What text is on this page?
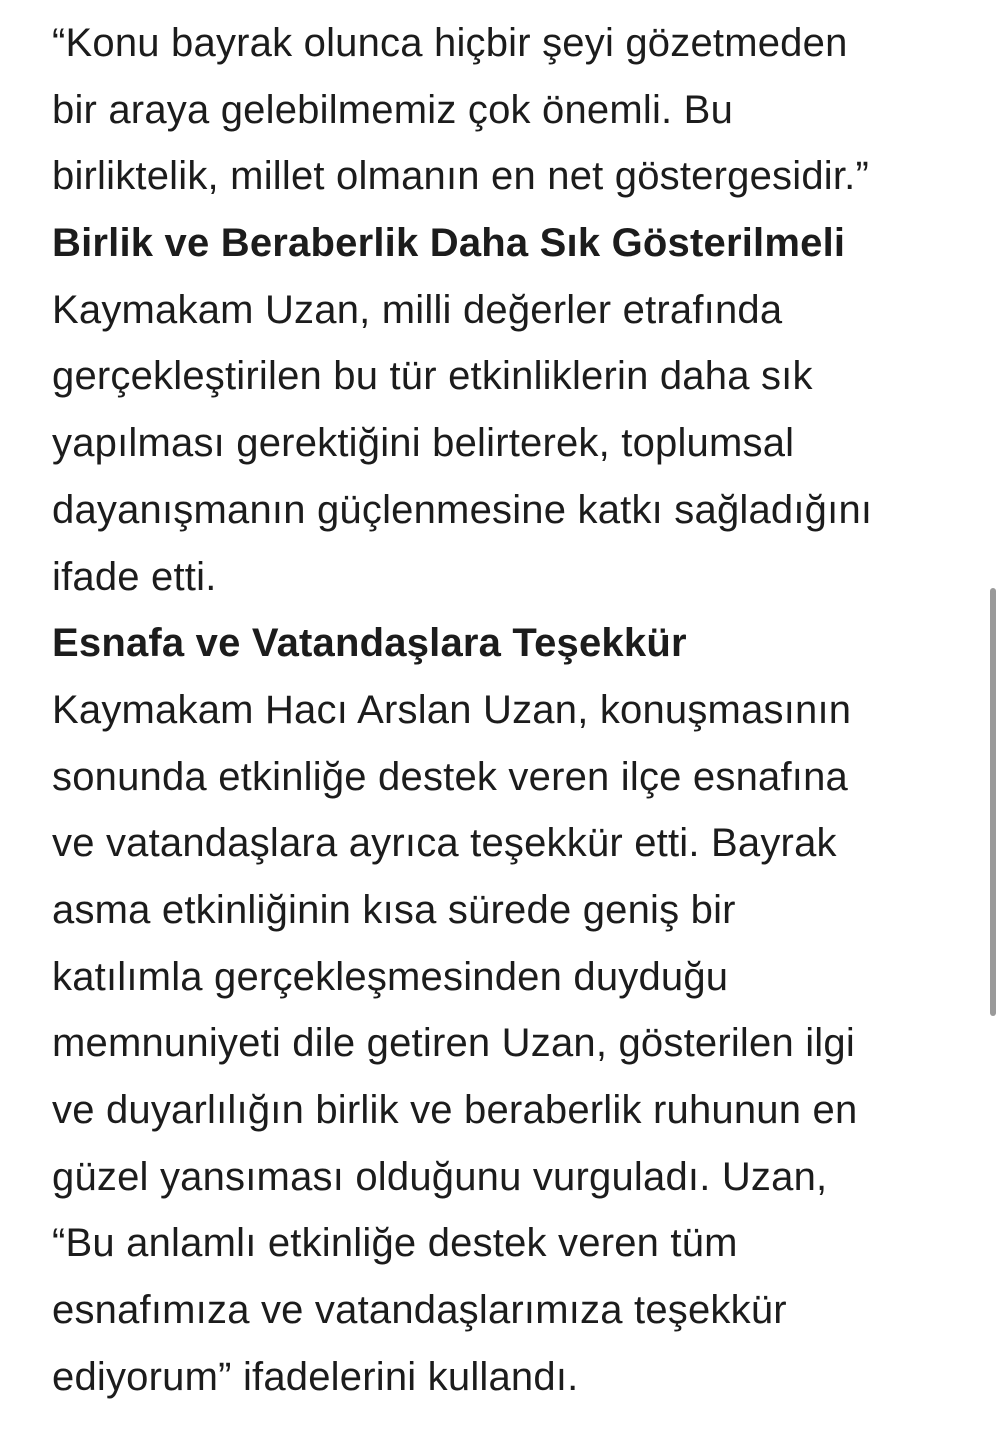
“Konu bayrak olunca hiçbir şeyi gözetmeden
bir araya gelebilmemiz çok önemli. Bu
birliktelik, millet olmanın en net göstergesidir.”
Birlik ve Beraberlik Daha Sık Gösterilmeli
Kaymakam Uzan, milli değerler etrafında
gerçekleştirilen bu tür etkinliklerin daha sık
yapılması gerektiğini belirterek, toplumsal
dayanışmanın güçlenmesine katkı sağladığını
ifade etti.
Esnafa ve Vatandaşlara Teşekkür
Kaymakam Hacı Arslan Uzan, konuşmasının
sonunda etkinliğe destek veren ilçe esnafına
ve vatandaşlara ayrıca teşekkür etti. Bayrak
asma etkinliğinin kısa sürede geniş bir
katılımla gerçekleşmesinden duyduğu
memnuniyeti dile getiren Uzan, gösterilen ilgi
ve duyarlılığın birlik ve beraberlik ruhunun en
güzel yansıması olduğunu vurguladı. Uzan,
“Bu anlamlı etkinliğe destek veren tüm
esnafımıza ve vatandaşlarımıza teşekkür
ediyorum” ifadelerini kullandı.
